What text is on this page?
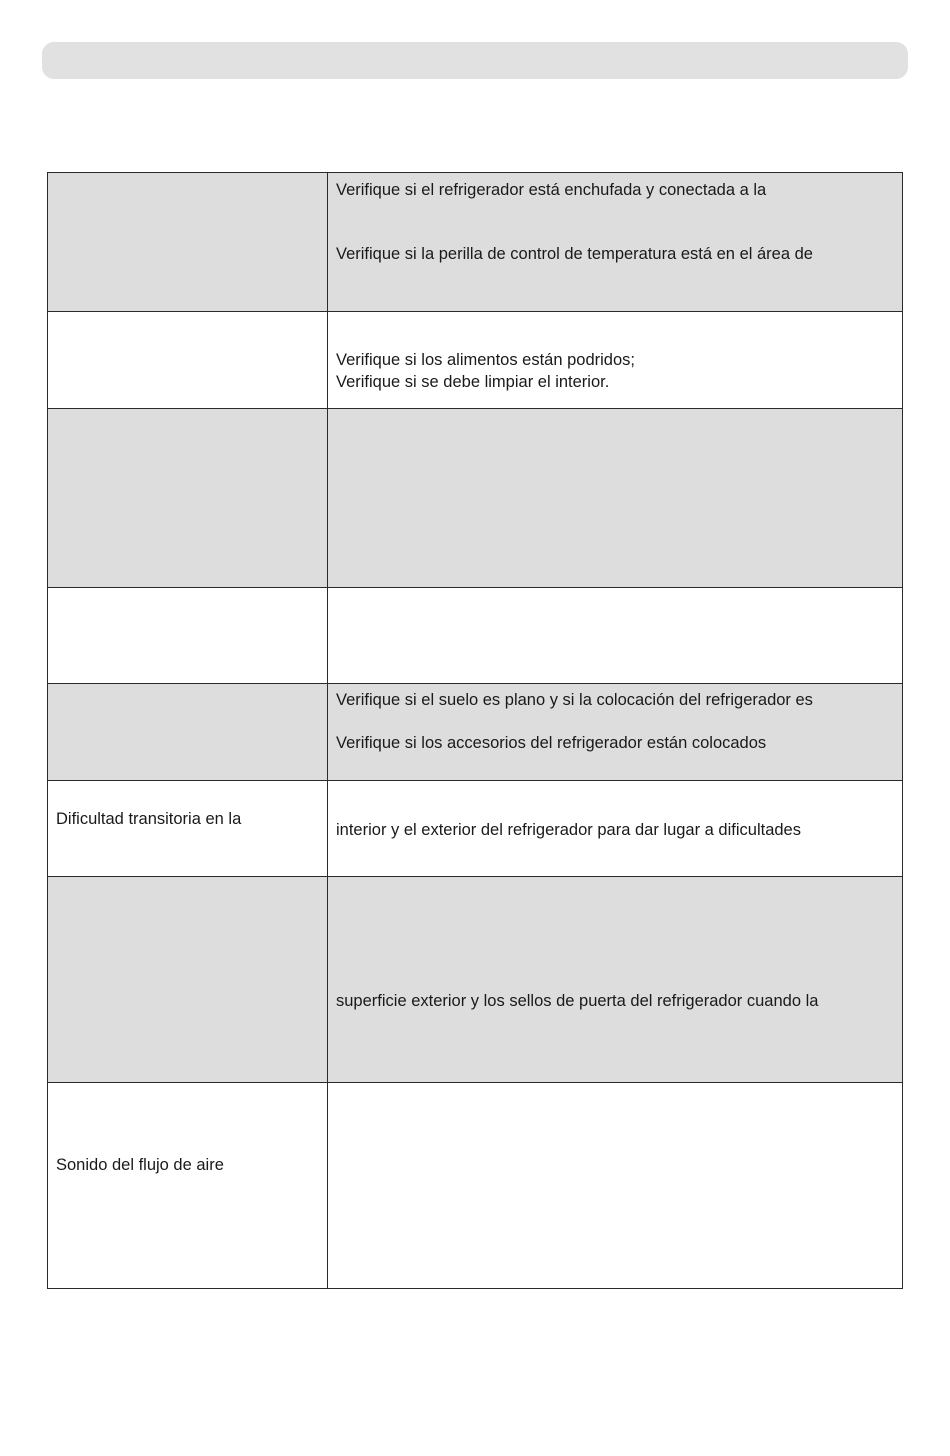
Verifique si el refrigerador está enchufada y conectada a la
Verifique si la perilla de control de temperatura está en el área de
Verifique si los alimentos están podridos;
Verifique si se debe limpiar el interior.
Verifique si el suelo es plano y si la colocación del refrigerador es
Verifique si los accesorios del refrigerador están colocados
Dificultad transitoria en la
interior y el exterior del refrigerador para dar lugar a dificultades
superficie exterior y los sellos de puerta del refrigerador cuando la
Sonido del flujo de aire
